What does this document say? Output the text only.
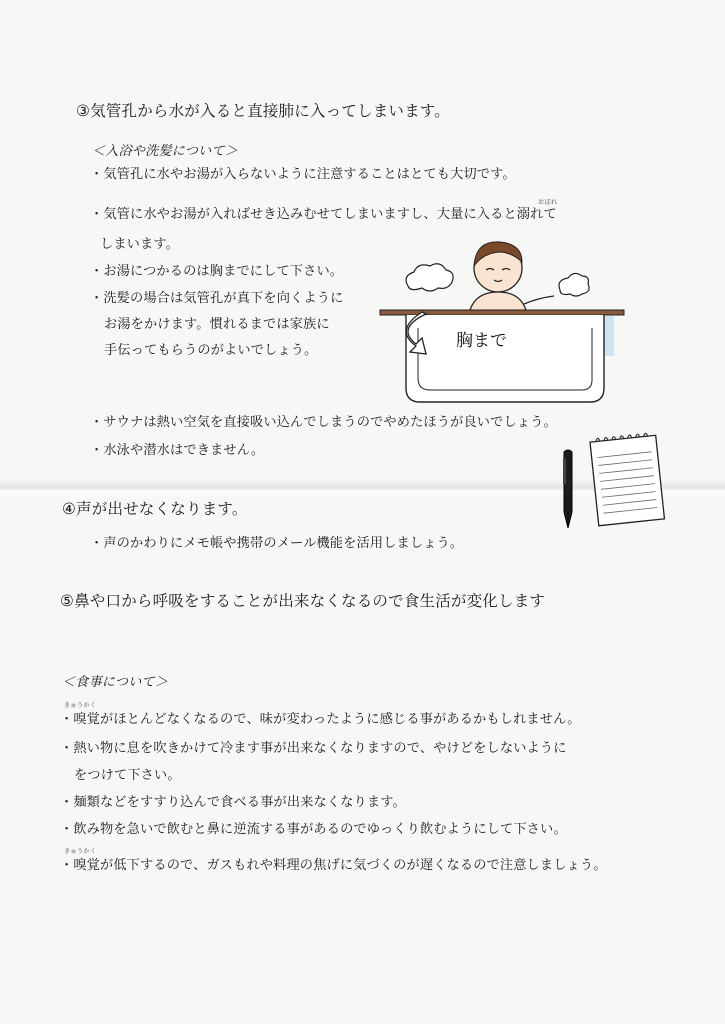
③気管孔から水が入ると直接肺に入ってしまいます。
＜入浴や洗髪について＞
・気管孔に水やお湯が入らないように注意することはとても大切です。
おぼれ
・気管に水やお湯が入ればせき込みむせてしまいますし、大量に入ると溺れて
しまいます。
・お湯につかるのは胸までにして下さい。
・洗髪の場合は気管孔が真下を向くように
お湯をかけます。慣れるまでは家族に
手伝ってもらうのがよいでしょう。	胸まで
・サウナは熱い空気を直接吸い込んでしまうのでやめたほうが良いでしょう。
・水泳や潜水はできません。
④声が出せなくなります。
・声のかわりにメモ帳や携帯のメール機能を活用しましょう。
⑤鼻や口から呼吸をすることが出来なくなるので食生活が変化します
＜食事について＞
きゅうかく
・嗅覚がほとんどなくなるので、味が変わったように感じる事があるかもしれません。
・熱い物に息を吹きかけて冷ます事が出来なくなりますので、やけどをしないように
をつけて下さい。
・麺類などをすすり込んで食べる事が出来なくなります。
・飲み物を急いで飲むと鼻に逆流する事があるのでゆっくり飲むようにして下さい。
きゅうかく
・嗅覚が低下するので、ガスもれや料理の焦げに気づくのが遅くなるので注意しましょう。
